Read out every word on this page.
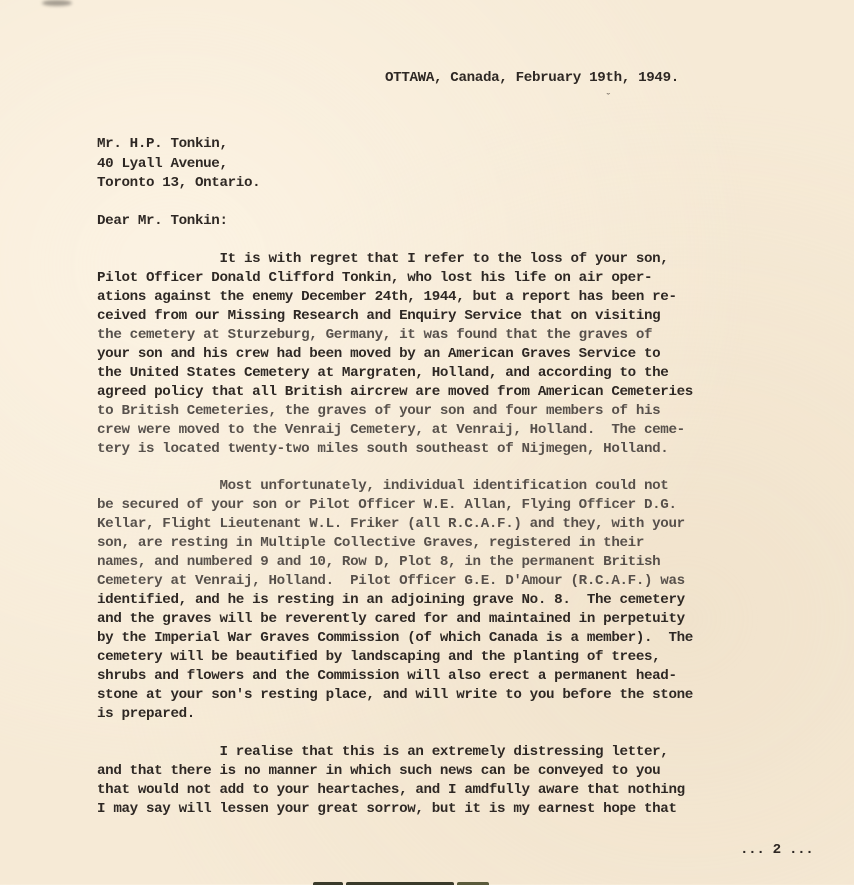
OTTAWA, Canada, February 19th, 1949.
ˇ
Mr. H.P. Tonkin,
40 Lyall Avenue,
Toronto 13, Ontario.
Dear Mr. Tonkin:
It is with regret that I refer to the loss of your son,
Pilot Officer Donald Clifford Tonkin, who lost his life on air oper-
ations against the enemy December 24th, 1944, but a report has been re-
ceived from our Missing Research and Enquiry Service that on visiting
the cemetery at Sturzeburg, Germany, it was found that the graves of
your son and his crew had been moved by an American Graves Service to
the United States Cemetery at Margraten, Holland, and according to the
agreed policy that all British aircrew are moved from American Cemeteries
to British Cemeteries, the graves of your son and four members of his
crew were moved to the Venraij Cemetery, at Venraij, Holland.  The ceme-
tery is located twenty-two miles south southeast of Nijmegen, Holland.
Most unfortunately, individual identification could not
be secured of your son or Pilot Officer W.E. Allan, Flying Officer D.G.
Kellar, Flight Lieutenant W.L. Friker (all R.C.A.F.) and they, with your
son, are resting in Multiple Collective Graves, registered in their
names, and numbered 9 and 10, Row D, Plot 8, in the permanent British
Cemetery at Venraij, Holland.  Pilot Officer G.E. D'Amour (R.C.A.F.) was
identified, and he is resting in an adjoining grave No. 8.  The cemetery
and the graves will be reverently cared for and maintained in perpetuity
by the Imperial War Graves Commission (of which Canada is a member).  The
cemetery will be beautified by landscaping and the planting of trees,
shrubs and flowers and the Commission will also erect a permanent head-
stone at your son's resting place, and will write to you before the stone
is prepared.
I realise that this is an extremely distressing letter,
and that there is no manner in which such news can be conveyed to you
that would not add to your heartaches, and I amdfully aware that nothing
I may say will lessen your great sorrow, but it is my earnest hope that
... 2 ...
